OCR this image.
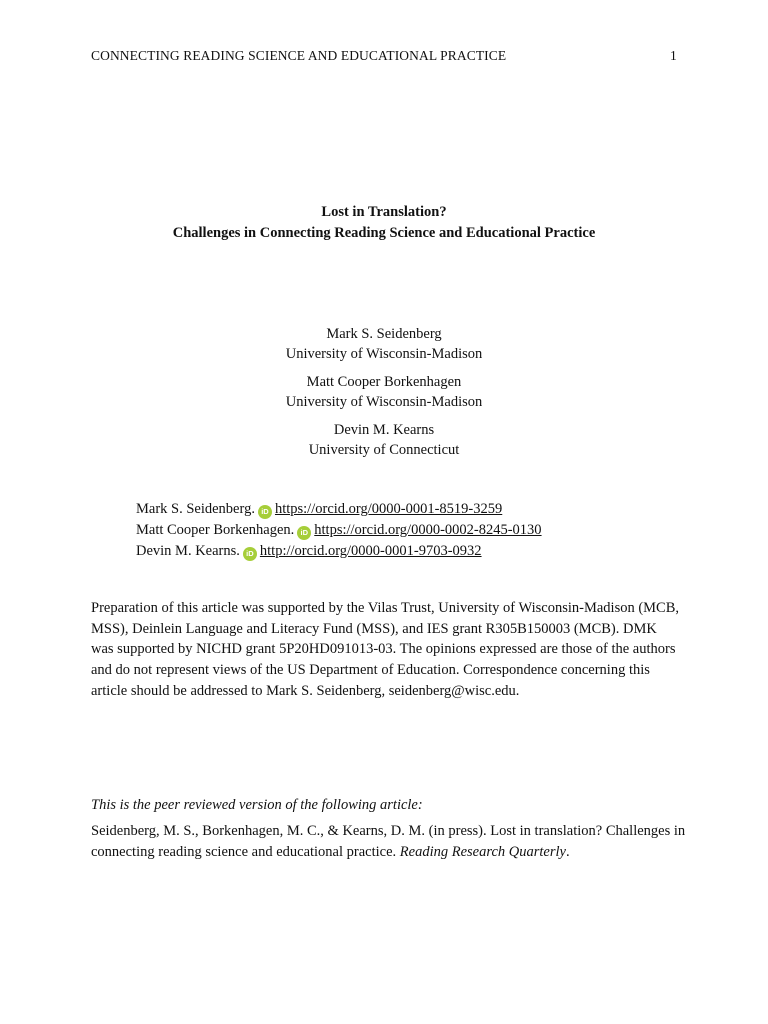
CONNECTING READING SCIENCE AND EDUCATIONAL PRACTICE	1
Lost in Translation?
Challenges in Connecting Reading Science and Educational Practice
Mark S. Seidenberg
University of Wisconsin-Madison
Matt Cooper Borkenhagen
University of Wisconsin-Madison
Devin M. Kearns
University of Connecticut
Mark S. Seidenberg. iD https://orcid.org/0000-0001-8519-3259
Matt Cooper Borkenhagen. iD https://orcid.org/0000-0002-8245-0130
Devin M. Kearns. iD http://orcid.org/0000-0001-9703-0932

Preparation of this article was supported by the Vilas Trust, University of Wisconsin-Madison (MCB, MSS), Deinlein Language and Literacy Fund (MSS), and IES grant R305B150003 (MCB). DMK was supported by NICHD grant 5P20HD091013-03. The opinions expressed are those of the authors and do not represent views of the US Department of Education. Correspondence concerning this article should be addressed to Mark S. Seidenberg, seidenberg@wisc.edu.

This is the peer reviewed version of the following article:

Seidenberg, M. S., Borkenhagen, M. C., & Kearns, D. M. (in press). Lost in translation? Challenges in connecting reading science and educational practice. Reading Research Quarterly.
